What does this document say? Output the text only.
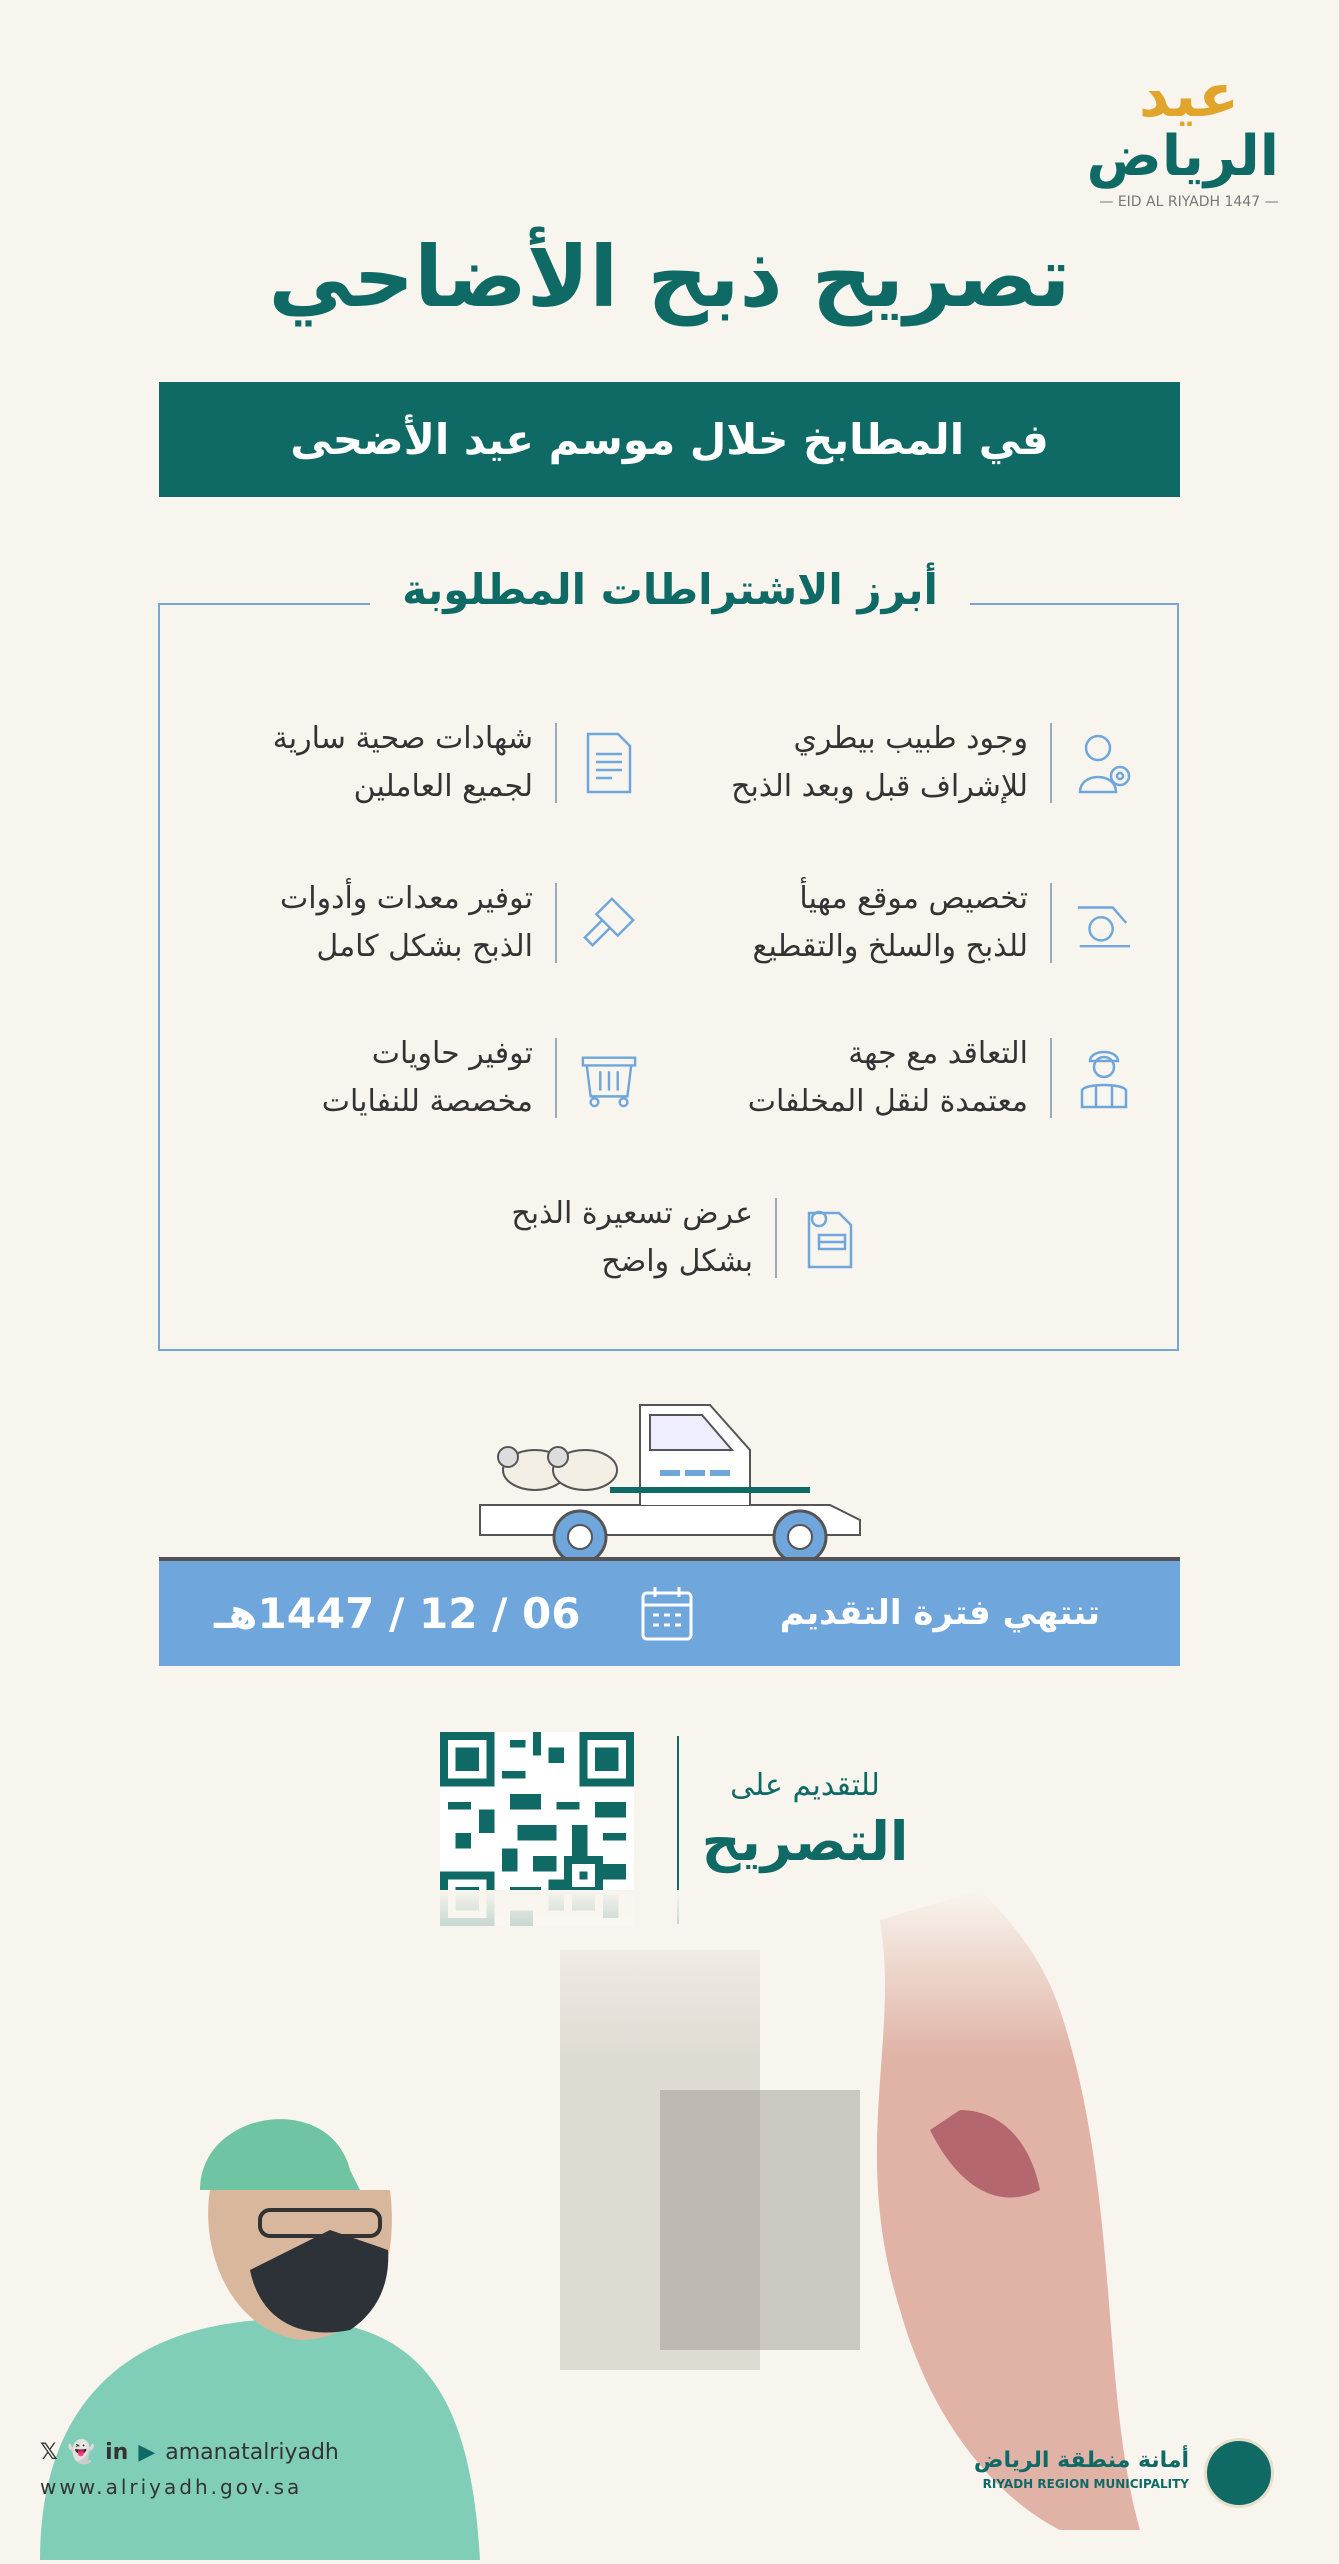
عيد
الرياض
— EID AL RIYADH 1447 —
تصريح ذبح الأضاحي
في المطابخ خلال موسم عيد الأضحى
أبرز الاشتراطات المطلوبة
وجود طبيب بيطري
للإشراف قبل وبعد الذبح
شهادات صحية سارية
لجميع العاملين
تخصيص موقع مهيأ
للذبح والسلخ والتقطيع
توفير معدات وأدوات
الذبح بشكل كامل
التعاقد مع جهة
معتمدة لنقل المخلفات
توفير حاويات
مخصصة للنفايات
عرض تسعيرة الذبح
بشكل واضح
تنتهي فترة التقديم
06 / 12 / 1447هـ
للتقديم على
التصريح
𝕏 👻 in ▶ amanatalriyadh
www.alriyadh.gov.sa
أمانة منطقة الرياض
RIYADH REGION MUNICIPALITY
